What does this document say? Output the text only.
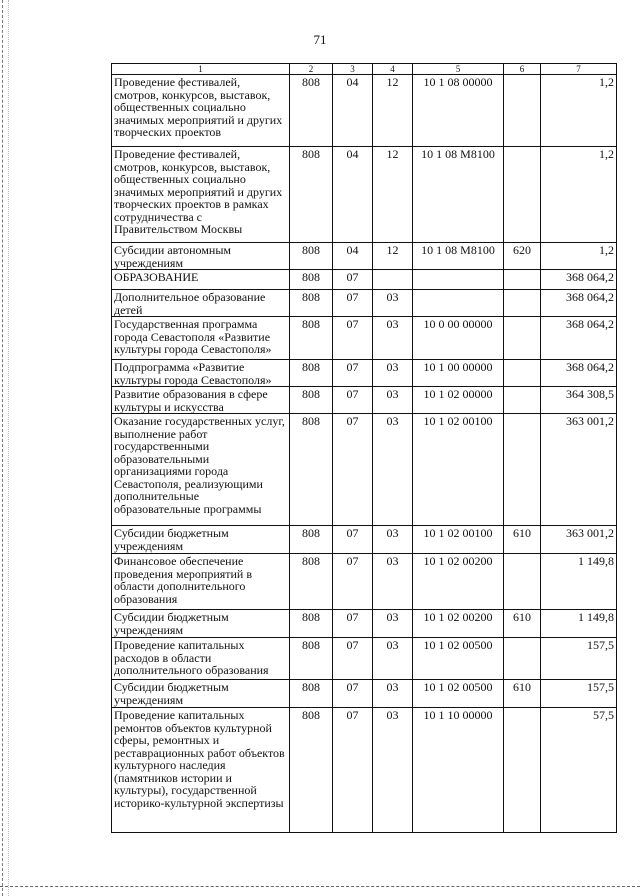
71
1	2	3	4	5	6	7
Проведение фестивалей, смотров, конкурсов, выставок, общественных социально значимых мероприятий и других творческих проектов	808	04	12	10 1 08 00000		1,2
Проведение фестивалей, смотров, конкурсов, выставок, общественных социально значимых мероприятий и других творческих проектов в рамках сотрудничества с Правительством Москвы	808	04	12	10 1 08 М8100		1,2
Субсидии автономным учреждениям	808	04	12	10 1 08 М8100	620	1,2
ОБРАЗОВАНИЕ	808	07				368 064,2
Дополнительное образование детей	808	07	03			368 064,2
Государственная программа города Севастополя «Развитие культуры города Севастополя»	808	07	03	10 0 00 00000		368 064,2
Подпрограмма «Развитие культуры города Севастополя»	808	07	03	10 1 00 00000		368 064,2
Развитие образования в сфере культуры и искусства	808	07	03	10 1 02 00000		364 308,5
Оказание государственных услуг, выполнение работ государственными образовательными организациями города Севастополя, реализующими дополнительные образовательные программы	808	07	03	10 1 02 00100		363 001,2
Субсидии бюджетным учреждениям	808	07	03	10 1 02 00100	610	363 001,2
Финансовое обеспечение проведения мероприятий в области дополнительного образования	808	07	03	10 1 02 00200		1 149,8
Субсидии бюджетным учреждениям	808	07	03	10 1 02 00200	610	1 149,8
Проведение капитальных расходов в области дополнительного образования	808	07	03	10 1 02 00500		157,5
Субсидии бюджетным учреждениям	808	07	03	10 1 02 00500	610	157,5
Проведение капитальных ремонтов объектов культурной сферы, ремонтных и реставрационных работ объектов культурного наследия (памятников истории и культуры), государственной историко-культурной экспертизы	808	07	03	10 1 10 00000		57,5
